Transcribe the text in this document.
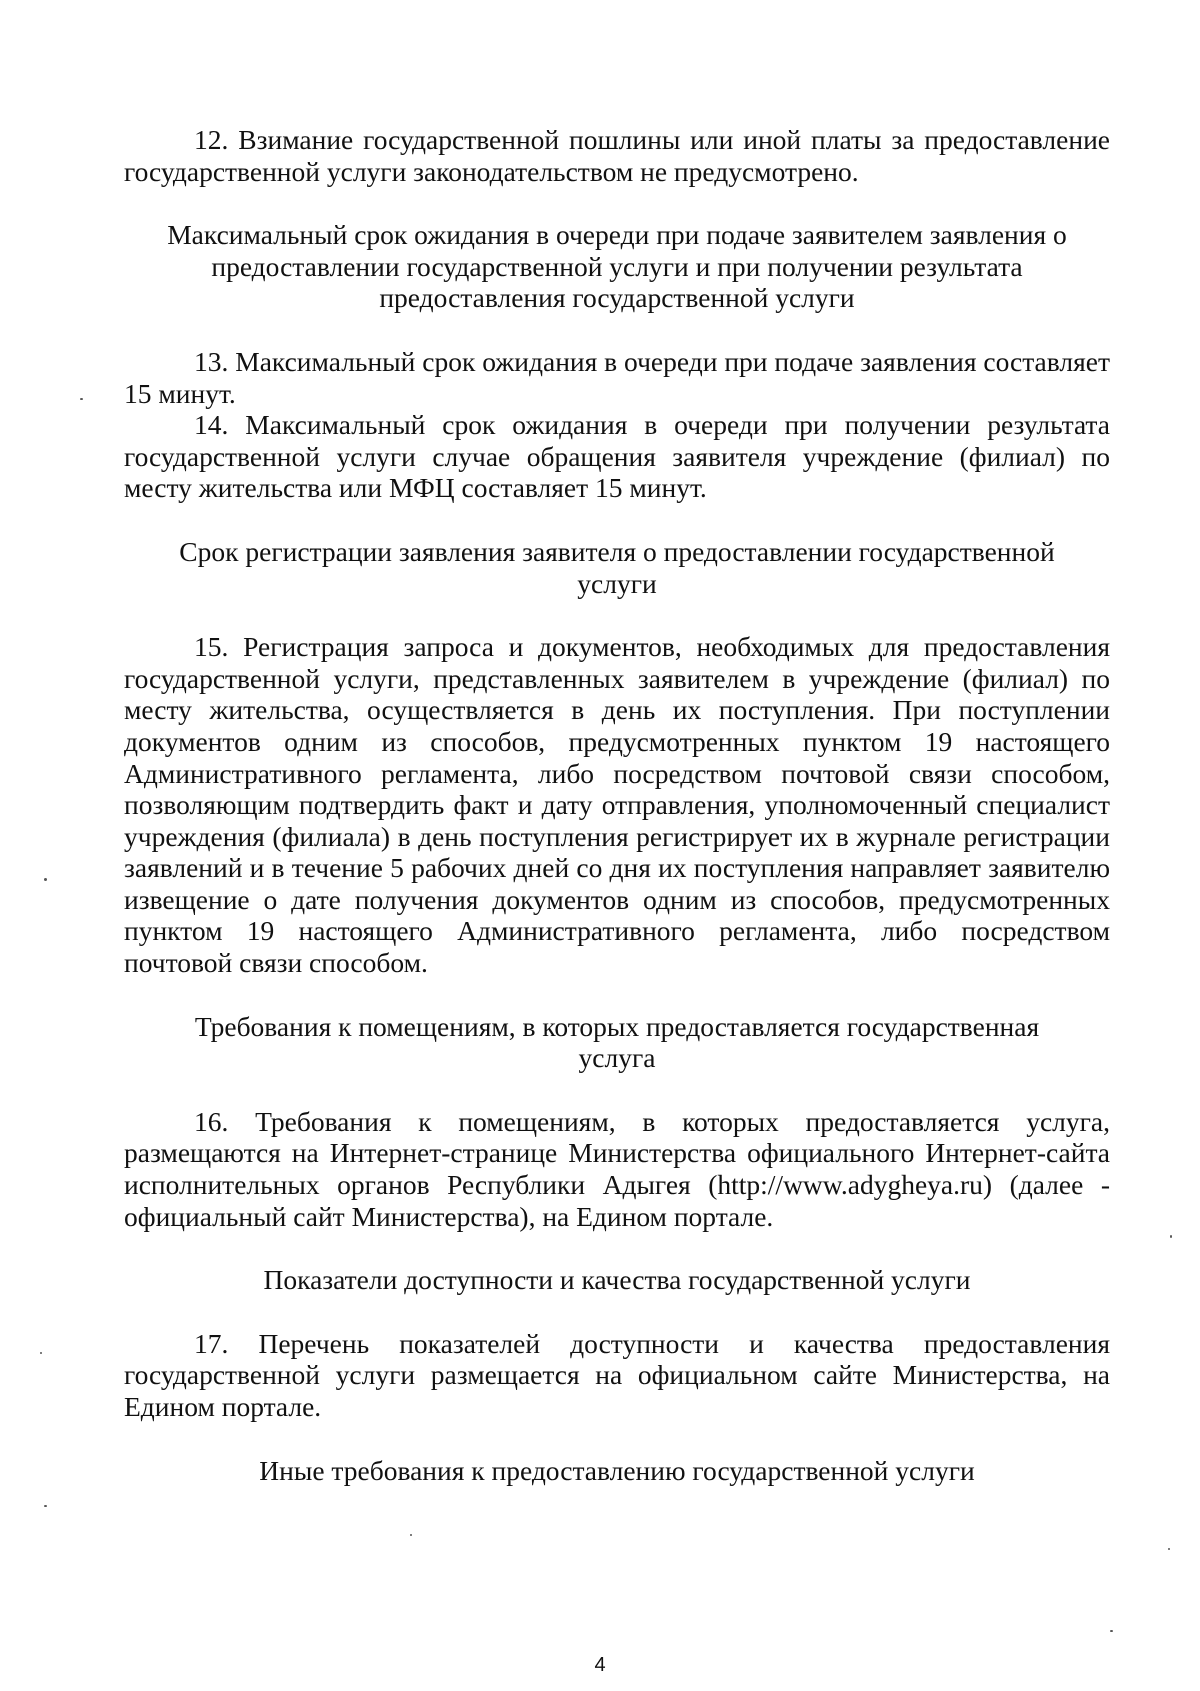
12. Взимание государственной пошлины или иной платы за предоставление государственной услуги законодательством не предусмотрено.

Максимальный срок ожидания в очереди при подаче заявителем заявления о предоставлении государственной услуги и при получении результата предоставления государственной услуги

13. Максимальный срок ожидания в очереди при подаче заявления составляет 15 минут.

14. Максимальный срок ожидания в очереди при получении результата государственной услуги случае обращения заявителя учреждение (филиал) по месту жительства или МФЦ составляет 15 минут.

Срок регистрации заявления заявителя о предоставлении государственной услуги

15. Регистрация запроса и документов, необходимых для предоставления государственной услуги, представленных заявителем в учреждение (филиал) по месту жительства, осуществляется в день их поступления. При поступлении документов одним из способов, предусмотренных пунктом 19 настоящего Административного регламента, либо посредством почтовой связи способом, позволяющим подтвердить факт и дату отправления, уполномоченный специалист учреждения (филиала) в день поступления регистрирует их в журнале регистрации заявлений и в течение 5 рабочих дней со дня их поступления направляет заявителю извещение о дате получения документов одним из способов, предусмотренных пунктом 19 настоящего Административного регламента, либо посредством почтовой связи способом.

Требования к помещениям, в которых предоставляется государственная услуга

16. Требования к помещениям, в которых предоставляется услуга, размещаются на Интернет-странице Министерства официального Интернет-сайта исполнительных органов Республики Адыгея (http://www.adygheya.ru) (далее - официальный сайт Министерства), на Едином портале.

Показатели доступности и качества государственной услуги

17. Перечень показателей доступности и качества предоставления государственной услуги размещается на официальном сайте Министерства, на Едином портале.

Иные требования к предоставлению государственной услуги

4
